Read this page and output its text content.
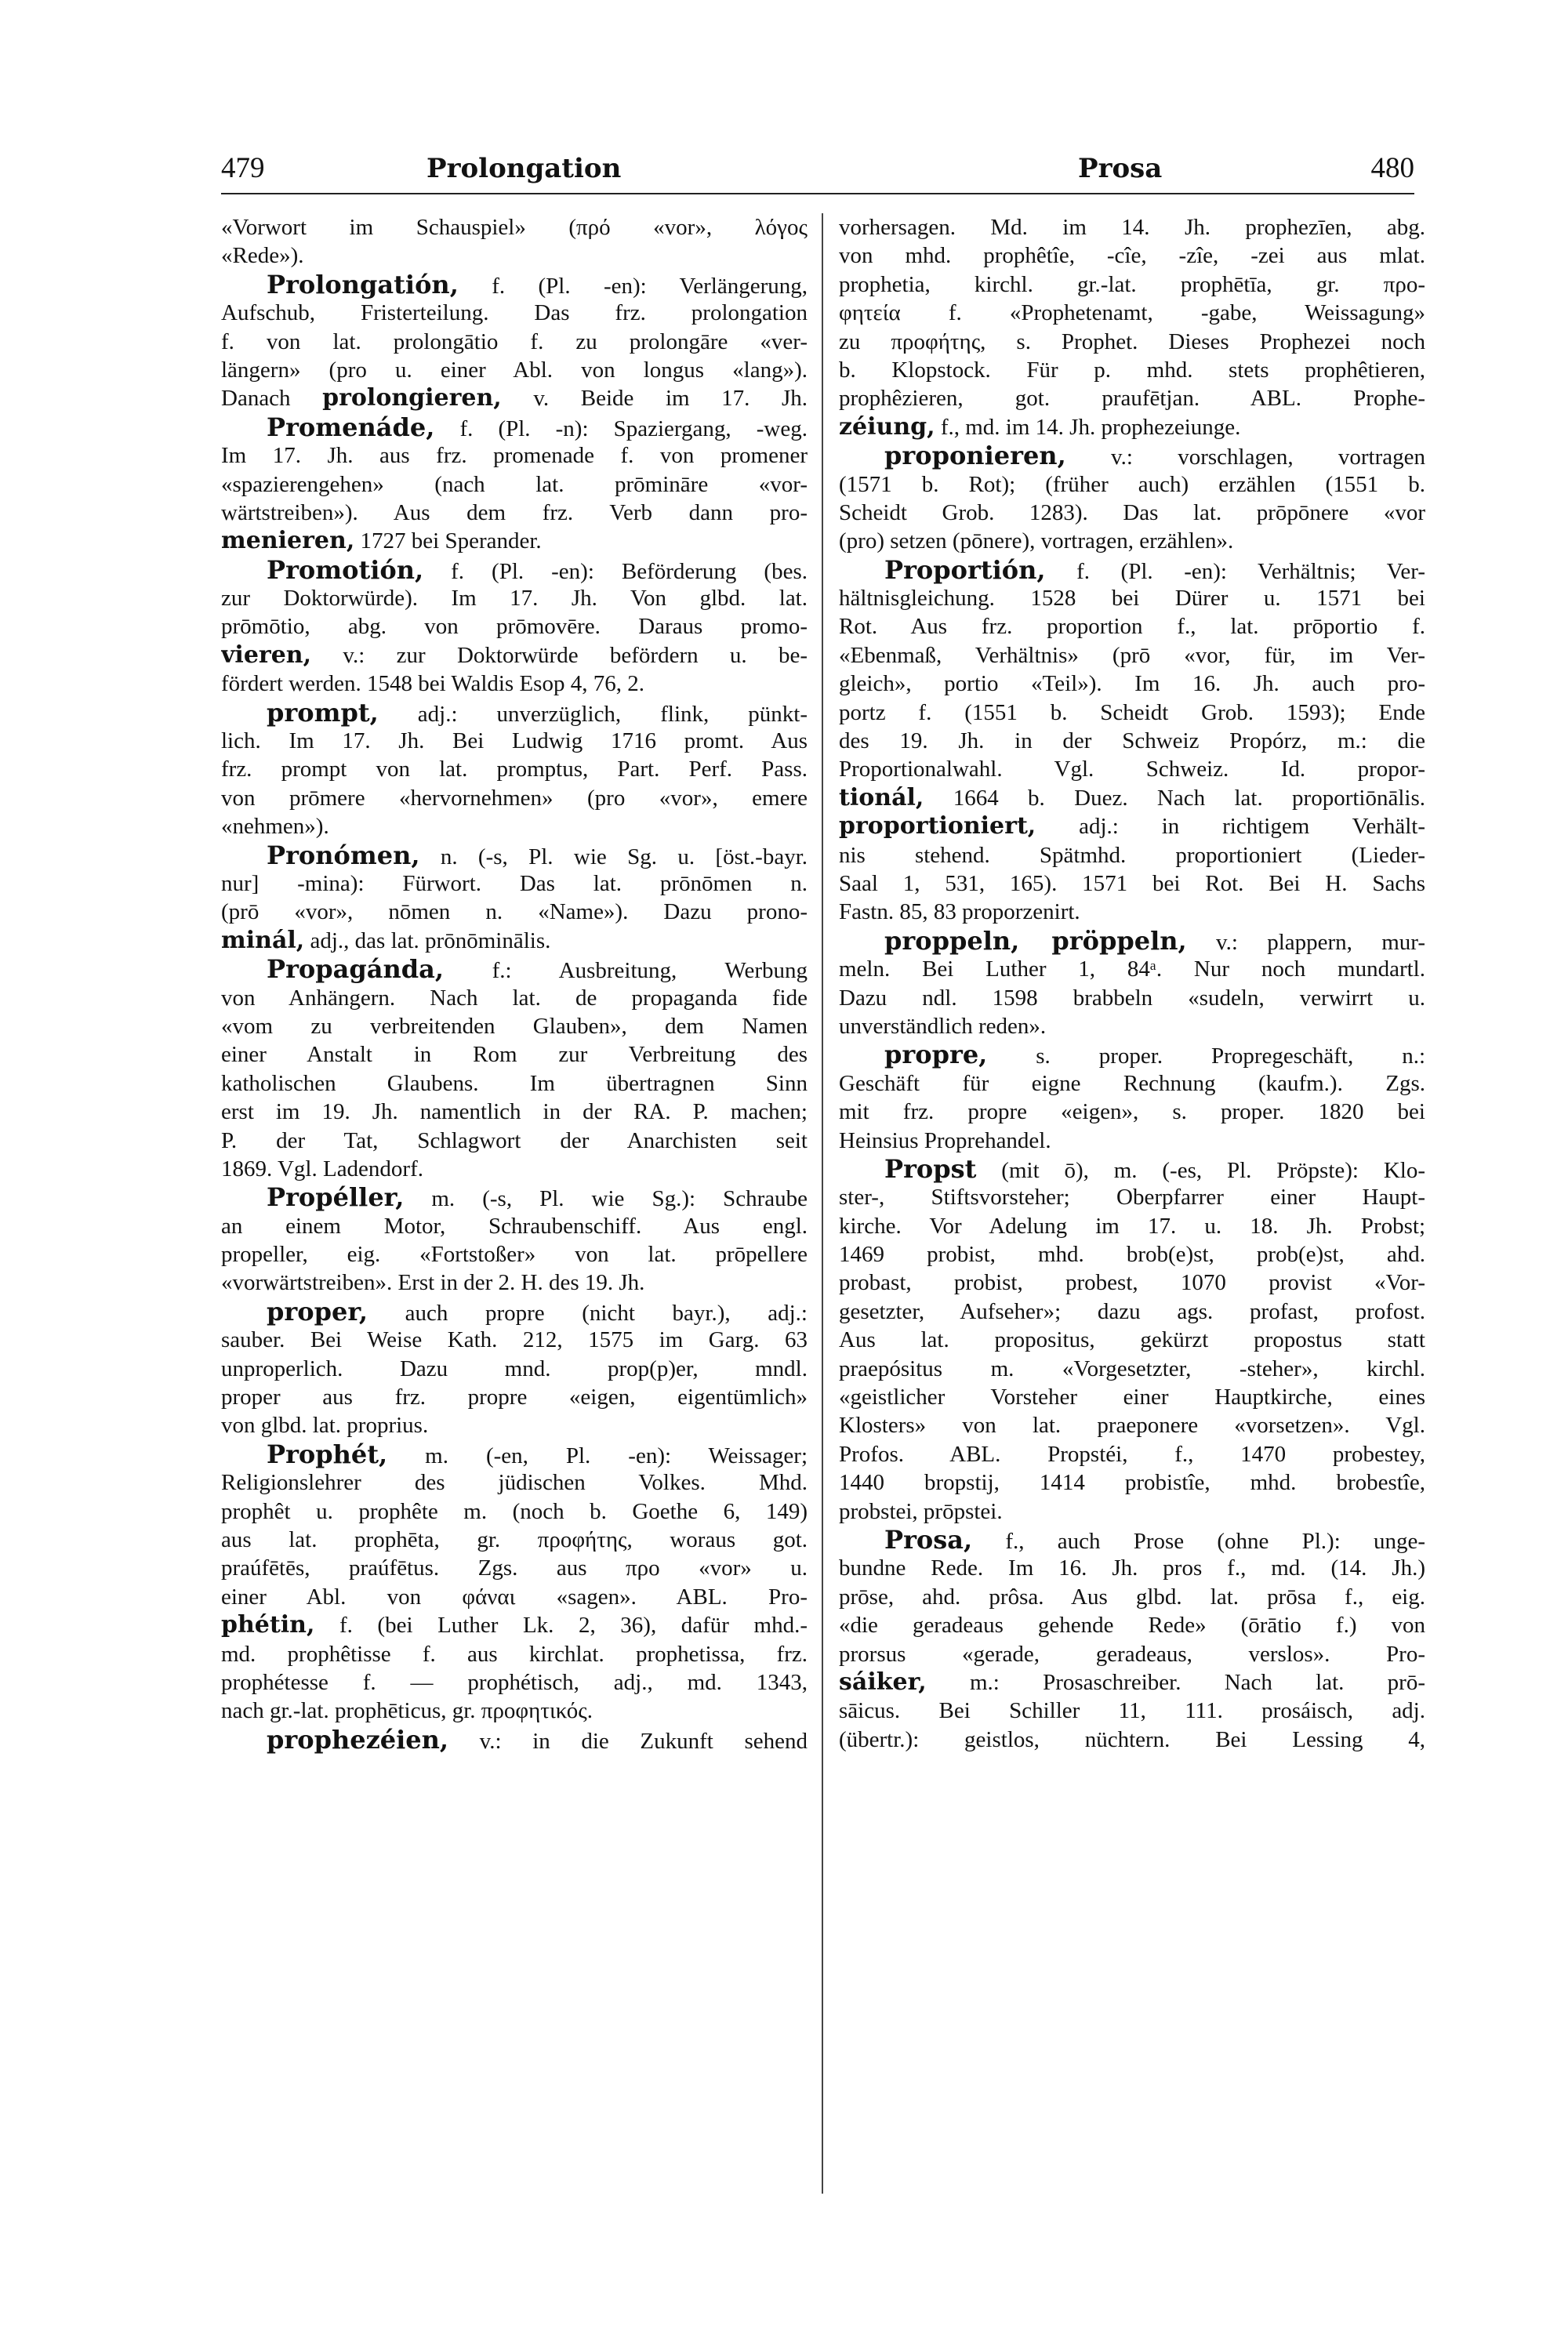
479	Prolongation	Prosa	480
«Vorwort im Schauspiel» (πρό «vor», λόγος
«Rede»).
Prolongatión, f. (Pl. -en): Verlängerung,
Aufschub, Fristerteilung. Das frz. prolongation
f. von lat. prolongātio f. zu prolongāre «ver-
längern» (pro u. einer Abl. von longus «lang»).
Danach prolongieren, v. Beide im 17. Jh.
Promenáde, f. (Pl. -n): Spaziergang, -weg.
Im 17. Jh. aus frz. promenade f. von promener
«spazierengehen» (nach lat. prōmināre «vor-
wärtstreiben»). Aus dem frz. Verb dann pro-
menieren, 1727 bei Sperander.
Promotión, f. (Pl. -en): Beförderung (bes.
zur Doktorwürde). Im 17. Jh. Von glbd. lat.
prōmōtio, abg. von prōmovēre. Daraus promo-
vieren, v.: zur Doktorwürde befördern u. be-
fördert werden. 1548 bei Waldis Esop 4, 76, 2.
prompt, adj.: unverzüglich, flink, pünkt-
lich. Im 17. Jh. Bei Ludwig 1716 promt. Aus
frz. prompt von lat. promptus, Part. Perf. Pass.
von prōmere «hervornehmen» (pro «vor», emere
«nehmen»).
Pronómen, n. (-s, Pl. wie Sg. u. [öst.-bayr.
nur] -mina): Fürwort. Das lat. prōnōmen n.
(prō «vor», nōmen n. «Name»). Dazu prono-
minál, adj., das lat. prōnōminālis.
Propagánda, f.: Ausbreitung, Werbung
von Anhängern. Nach lat. de propaganda fide
«vom zu verbreitenden Glauben», dem Namen
einer Anstalt in Rom zur Verbreitung des
katholischen Glaubens. Im übertragnen Sinn
erst im 19. Jh. namentlich in der RA. P. machen;
P. der Tat, Schlagwort der Anarchisten seit
1869. Vgl. Ladendorf.
Propéller, m. (-s, Pl. wie Sg.): Schraube
an einem Motor, Schraubenschiff. Aus engl.
propeller, eig. «Fortstoßer» von lat. prōpellere
«vorwärtstreiben». Erst in der 2. H. des 19. Jh.
proper, auch propre (nicht bayr.), adj.:
sauber. Bei Weise Kath. 212, 1575 im Garg. 63
unproperlich. Dazu mnd. prop(p)er, mndl.
proper aus frz. propre «eigen, eigentümlich»
von glbd. lat. proprius.
Prophét, m. (-en, Pl. -en): Weissager;
Religionslehrer des jüdischen Volkes. Mhd.
prophêt u. prophête m. (noch b. Goethe 6, 149)
aus lat. prophēta, gr. προφήτης, woraus got.
praúfētēs, praúfētus. Zgs. aus προ «vor» u.
einer Abl. von φάναι «sagen». ABL. Pro-
phétin, f. (bei Luther Lk. 2, 36), dafür mhd.-
md. prophêtisse f. aus kirchlat. prophetissa, frz.
prophétesse f. — prophétisch, adj., md. 1343,
nach gr.-lat. prophēticus, gr. προφητικός.
prophezéien, v.: in die Zukunft sehend
vorhersagen. Md. im 14. Jh. prophezīen, abg.
von mhd. prophêtîe, -cîe, -zîe, -zei aus mlat.
prophetia, kirchl. gr.-lat. prophētīa, gr. προ-
φητεία f. «Prophetenamt, -gabe, Weissagung»
zu προφήτης, s. Prophet. Dieses Prophezei noch
b. Klopstock. Für p. mhd. stets prophêtieren,
prophêzieren, got. praufētjan. ABL. Prophe-
zéiung, f., md. im 14. Jh. prophezeiunge.
proponieren, v.: vorschlagen, vortragen
(1571 b. Rot); (früher auch) erzählen (1551 b.
Scheidt Grob. 1283). Das lat. prōpōnere «vor
(pro) setzen (pōnere), vortragen, erzählen».
Proportión, f. (Pl. -en): Verhältnis; Ver-
hältnisgleichung. 1528 bei Dürer u. 1571 bei
Rot. Aus frz. proportion f., lat. prōportio f.
«Ebenmaß, Verhältnis» (prō «vor, für, im Ver-
gleich», portio «Teil»). Im 16. Jh. auch pro-
portz f. (1551 b. Scheidt Grob. 1593); Ende
des 19. Jh. in der Schweiz Propórz, m.: die
Proportionalwahl. Vgl. Schweiz. Id. propor-
tionál, 1664 b. Duez. Nach lat. proportiōnālis.
proportioniert, adj.: in richtigem Verhält-
nis stehend. Spätmhd. proportioniert (Lieder-
Saal 1, 531, 165). 1571 bei Rot. Bei H. Sachs
Fastn. 85, 83 proporzenirt.
proppeln, pröppeln, v.: plappern, mur-
meln. Bei Luther 1, 84ᵃ. Nur noch mundartl.
Dazu ndl. 1598 brabbeln «sudeln, verwirrt u.
unverständlich reden».
propre, s. proper. Propregeschäft, n.:
Geschäft für eigne Rechnung (kaufm.). Zgs.
mit frz. propre «eigen», s. proper. 1820 bei
Heinsius Proprehandel.
Propst (mit ō), m. (-es, Pl. Pröpste): Klo-
ster-, Stiftsvorsteher; Oberpfarrer einer Haupt-
kirche. Vor Adelung im 17. u. 18. Jh. Probst;
1469 probist, mhd. brob(e)st, prob(e)st, ahd.
probast, probist, probest, 1070 provist «Vor-
gesetzter, Aufseher»; dazu ags. profast, profost.
Aus lat. propositus, gekürzt propostus statt
praepósitus m. «Vorgesetzter, -steher», kirchl.
«geistlicher Vorsteher einer Hauptkirche, eines
Klosters» von lat. praeponere «vorsetzen». Vgl.
Profos. ABL. Propstéi, f., 1470 probestey,
1440 bropstij, 1414 probistîe, mhd. brobestîe,
probstei, prōpstei.
Prosa, f., auch Prose (ohne Pl.): unge-
bundne Rede. Im 16. Jh. pros f., md. (14. Jh.)
prōse, ahd. prôsa. Aus glbd. lat. prōsa f., eig.
«die geradeaus gehende Rede» (ōrātio f.) von
prorsus «gerade, geradeaus, verslos». Pro-
sáiker, m.: Prosaschreiber. Nach lat. prō-
sāicus. Bei Schiller 11, 111. prosáisch, adj.
(übertr.): geistlos, nüchtern. Bei Lessing 4,
